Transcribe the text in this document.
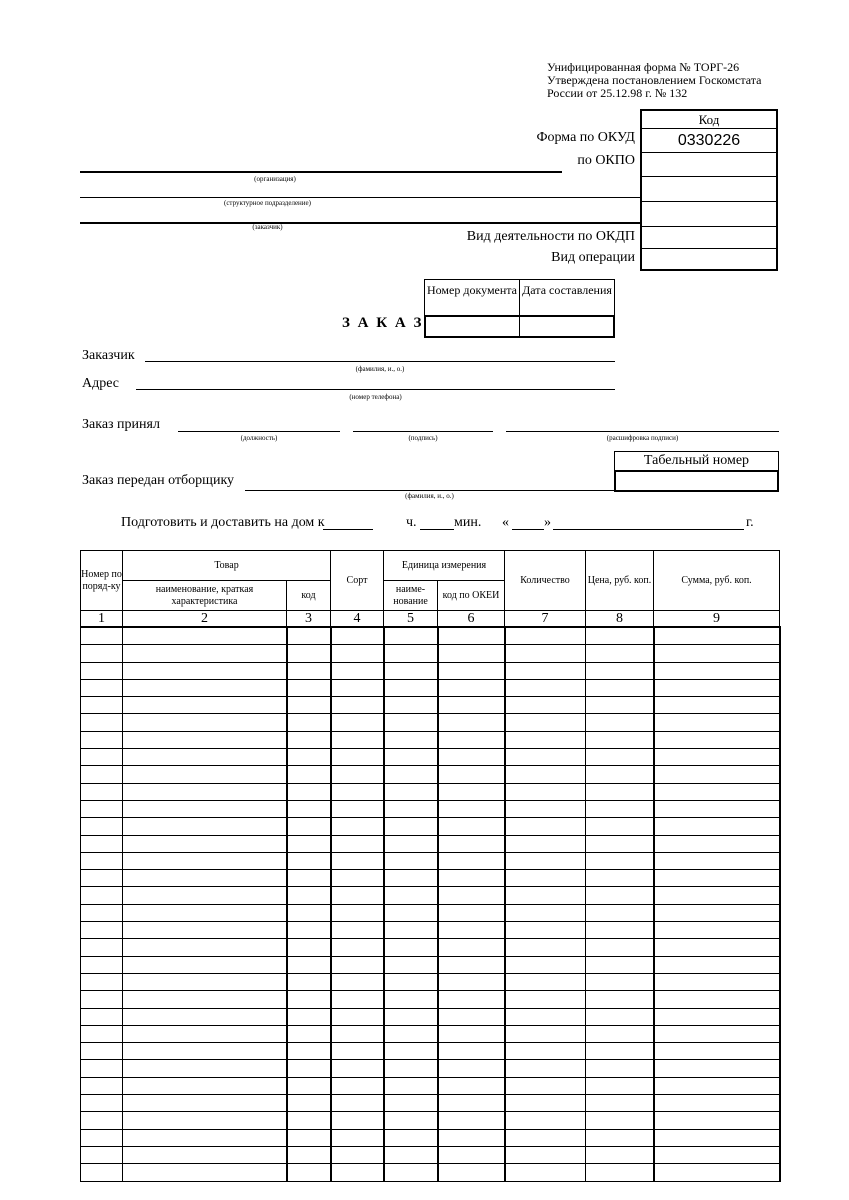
Унифицированная форма № ТОРГ-26
Утверждена постановлением Госкомстата
России от 25.12.98 г. № 132
Код
0330226
Форма по ОКУД
по ОКПО
Вид деятельности по ОКДП
Вид операции
(организация)
(структурное подразделение)
(заказчик)
З А К А З
Номер документа Дата составления
Заказчик
(фамилия, и., о.)
Адрес
(номер телефона)
Заказ принял
(должность)	(подпись)	(расшифровка подписи)
Табельный номер
Заказ передан отборщику
(фамилия, и., о.)
Подготовить и доставить на дом к	ч.	мин. «	»	г.
Номер по поряд-ку	Товар		Сорт	Единица измерения		Количество	Цена, руб. коп.	Сумма, руб. коп.
	наименование, краткая характеристика	код		наиме-нование	код по ОКЕИ			
1	2	3	4	5	6	7	8	9
